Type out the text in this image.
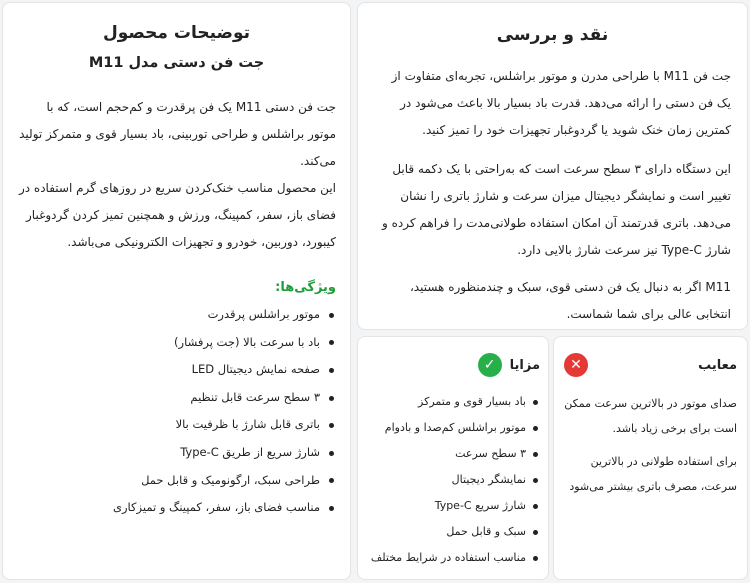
توضیحات محصول
جت فن دستی مدل M11
جت فن دستی M11 یک فن پرقدرت و کم‌حجم است، که با موتور براشلس و طراحی توربینی، باد بسیار قوی و متمرکز تولید می‌کند.
این محصول مناسب خنک‌کردن سریع در روزهای گرم استفاده در فضای باز، سفر، کمپینگ، ورزش و همچنین تمیز کردن گردوغبار کیبورد، دوربین، خودرو و تجهیزات الکترونیکی می‌باشد.
ویژگی‌ها:
موتور براشلس پرقدرت
باد با سرعت بالا (جت پرفشار)
صفحه نمایش دیجیتال LED
۳ سطح سرعت قابل تنظیم
باتری قابل شارژ با ظرفیت بالا
شارژ سریع از طریق Type-C
طراحی سبک، ارگونومیک و قابل حمل
مناسب فضای باز، سفر، کمپینگ و تمیزکاری
نقد و بررسی
جت فن M11 با طراحی مدرن و موتور براشلس، تجربه‌ای متفاوت از یک فن دستی را ارائه می‌دهد. قدرت باد بسیار بالا باعث می‌شود در کمترین زمان خنک شوید یا گردوغبار تجهیزات خود را تمیز کنید.
این دستگاه دارای ۳ سطح سرعت است که به‌راحتی با یک دکمه قابل تغییر است و نمایشگر دیجیتال میزان سرعت و شارژ باتری را نشان می‌دهد. باتری قدرتمند آن امکان استفاده طولانی‌مدت را فراهم کرده و شارژ Type-C نیز سرعت شارژ بالایی دارد.
M11 اگر به دنبال یک فن دستی قوی، سبک و چندمنظوره هستید، انتخابی عالی برای شما شماست.
معایب
✕
صدای موتور در بالاترین سرعت ممکن است برای برخی زیاد باشد.
برای استفاده طولانی در بالاترین سرعت، مصرف باتری بیشتر می‌شود
مزایا
✓
باد بسیار قوی و متمرکز
موتور براشلس کم‌صدا و بادوام
۳ سطح سرعت
نمایشگر دیجیتال
شارژ سریع Type-C
سبک و قابل حمل
مناسب استفاده در شرایط مختلف
